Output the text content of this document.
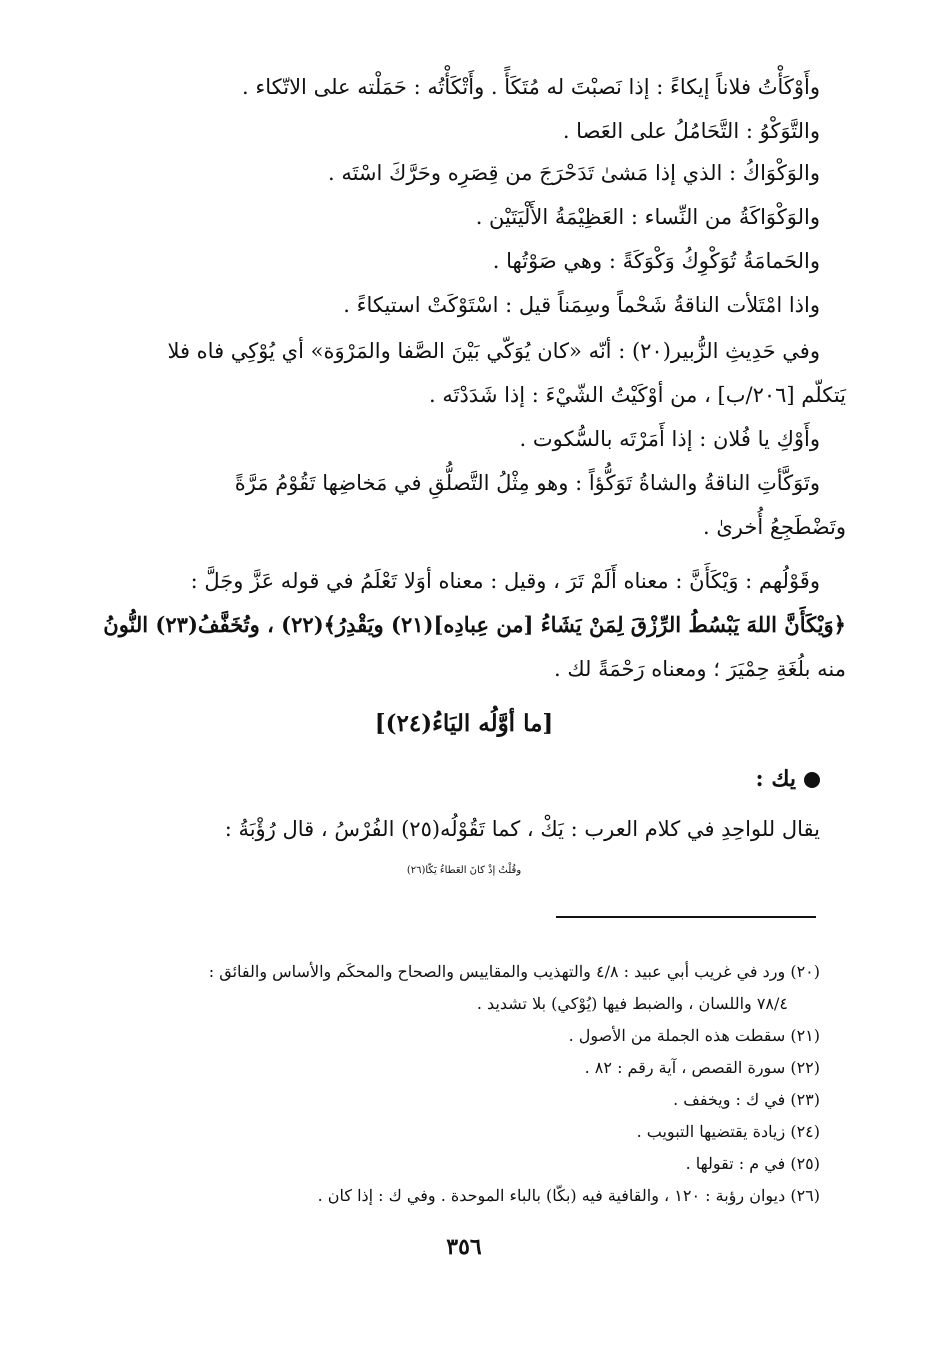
وأَوْكَأْتُ فلاناً إيكاءً : إذا نَصبْتَ له مُتَكَأً . وأَتْكَأْتُه : حَمَلْته على الاتّكاء .
والتَّوَكْوُ : التَّحَامُلُ على العَصا .
والوَكْوَاكُ : الذي إذا مَشىٰ تَدَحْرَجَ من قِصَرِه وحَرَّكَ اسْتَه .
والوَكْوَاكَةُ من النِّساء : العَظِيْمَةُ الأَلْيَتَيْن .
والحَمامَةُ تُوَكْوِكُ وَكْوَكَةً : وهي صَوْتُها .
واذا امْتَلأت الناقةُ شَحْماً وسِمَناً قيل : اسْتَوْكَتْ استيكاءً .
وفي حَدِيثِ الزُّبير(٢٠) : أنّه «كان يُوَكّي بَيْنَ الصَّفا والمَرْوَة» أي يُوْكِي فاه فلا
يَتكلّم [٢٠٦/ب] ، من أوْكَيْتُ الشّيْءَ : إذا شَدَدْتَه .
وأَوْكِ يا فُلان : إذا أَمَرْتَه بالسُّكوت .
وتَوَكَّأتِ الناقةُ والشاةُ تَوَكُّؤاً : وهو مِثْلُ التَّصلُّقِ في مَخاضِها تَقُوْمُ مَرَّةً
وتَضْطَجِعُ أُخرىٰ .
وقَوْلُهم : وَيْكَأَنَّ : معناه أَلَمْ تَرَ ، وقيل : معناه أوَلا تَعْلَمُ في قوله عَزَّ وجَلَّ :
﴿وَيْكَأَنَّ اللهَ يَبْسُطُ الرِّزْقَ لِمَنْ يَشَاءُ [من عِبادِه](٢١) ويَقْدِرُ﴾(٢٢) ، وتُخَفَّفُ(٢٣) النُّونُ
منه بلُغَةِ حِمْيَرَ ؛ ومعناه رَحْمَةً لك .
[ما أوَّلُه اليَاءُ(٢٤)]
يك :
يقال للواحِدِ في كلام العرب : يَكْ ، كما تَقُوْلُه(٢٥) الفُرْسُ ، قال رُؤْبَةُ :
وقُلْتُ إذْ كانَ العَطاءُ يَكّا(٢٦)
(٢٠) ورد في غريب أبي عبيد : ٤/٨ والتهذيب والمقاييس والصحاح والمحكَم والأساس والفائق :
٧٨/٤ واللسان ، والضبط فيها (يُوْكي) بلا تشديد .
(٢١) سقطت هذه الجملة من الأصول .
(٢٢) سورة القصص ، آية رقم : ٨٢ .
(٢٣) في ك : ويخفف .
(٢٤) زيادة يقتضيها التبويب .
(٢٥) في م : تقولها .
(٢٦) ديوان رؤبة : ١٢٠ ، والقافية فيه (بكّا) بالباء الموحدة . وفي ك : إذا كان .
٣٥٦
